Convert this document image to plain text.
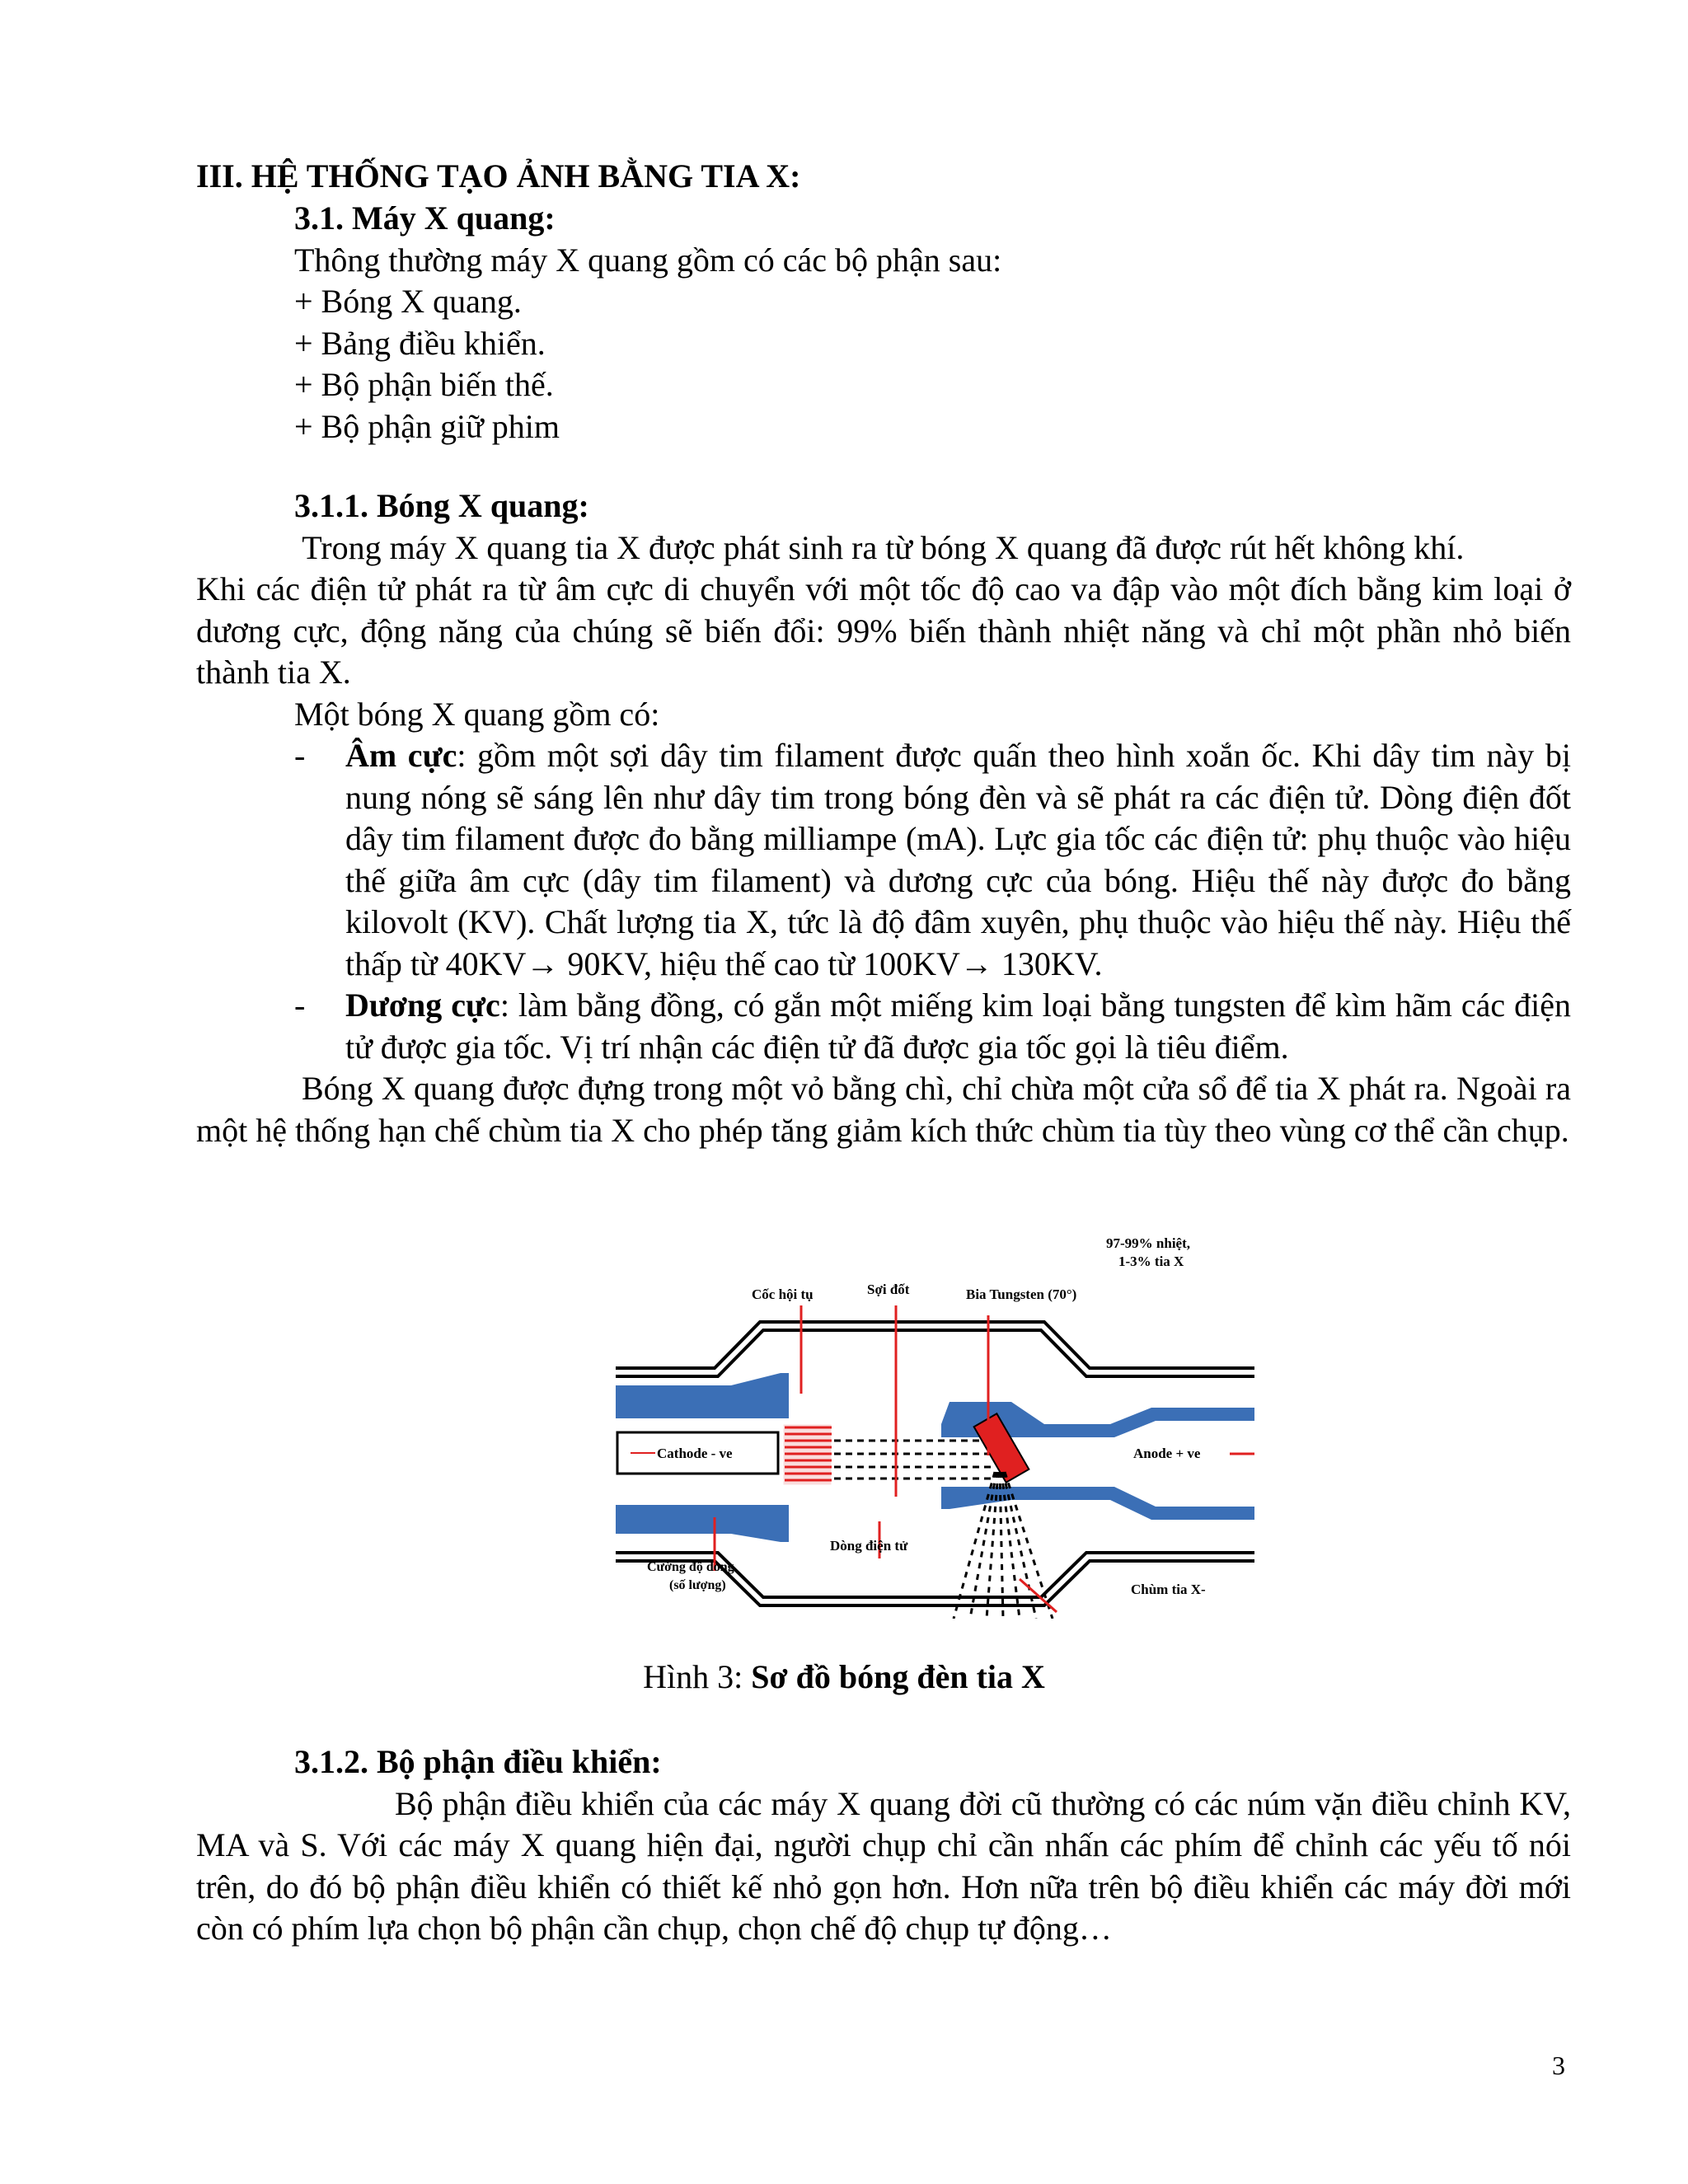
III. HỆ THỐNG TẠO ẢNH BẰNG TIA X:

3.1. Máy X quang:

Thông thường máy X quang gồm có các bộ phận sau:

+ Bóng X quang.

+ Bảng điều khiển.

+ Bộ phận biến thế.

+ Bộ phận giữ phim

3.1.1. Bóng X quang:

Trong máy X quang tia X được phát sinh ra từ bóng X quang đã được rút hết không khí.

Khi các điện tử phát ra từ âm cực di chuyển với một tốc độ cao va đập vào một đích bằng kim loại ở dương cực, động năng của chúng sẽ biến đổi: 99% biến thành nhiệt năng và chỉ một phần nhỏ biến thành tia X.

Một bóng X quang gồm có:

-	Âm cực: gồm một sợi dây tim filament được quấn theo hình xoắn ốc. Khi dây tim này bị nung nóng sẽ sáng lên như dây tim trong bóng đèn và sẽ phát ra các điện tử. Dòng điện đốt dây tim filament được đo bằng milliampe (mA). Lực gia tốc các điện tử: phụ thuộc vào hiệu thế giữa âm cực (dây tim filament) và dương cực của bóng. Hiệu thế này được đo bằng kilovolt (KV). Chất lượng tia X, tức là độ đâm xuyên, phụ thuộc vào hiệu thế này. Hiệu thế thấp từ 40KV→ 90KV, hiệu thế cao từ 100KV→ 130KV.
-	Dương cực: làm bằng đồng, có gắn một miếng kim loại bằng tungsten để kìm hãm các điện tử được gia tốc. Vị trí nhận các điện tử đã được gia tốc gọi là tiêu điểm.

Bóng X quang được đựng trong một vỏ bằng chì, chỉ chừa một cửa sổ để tia X phát ra. Ngoài ra một hệ thống hạn chế chùm tia X cho phép tăng giảm kích thức chùm tia tùy theo vùng cơ thể cần chụp.

Cathode - ve	Anode + ve
97-99% nhiệt,
1-3% tia X
Cốc hội tụ	Sợi đốt	Bia Tungsten (70°)
Dòng điện tử
Cường độ dòng
(số lượng)	Chùm tia X-
Hình 3: Sơ đồ bóng đèn tia X

3.1.2. Bộ phận điều khiển:

Bộ phận điều khiển của các máy X quang đời cũ thường có các núm vặn điều chỉnh KV, MA và S. Với các máy X quang hiện đại, người chụp chỉ cần nhấn các phím để chỉnh các yếu tố nói trên, do đó bộ phận điều khiển có thiết kế nhỏ gọn hơn. Hơn nữa trên bộ điều khiển các máy đời mới còn có phím lựa chọn bộ phận cần chụp, chọn chế độ chụp tự động…

3
